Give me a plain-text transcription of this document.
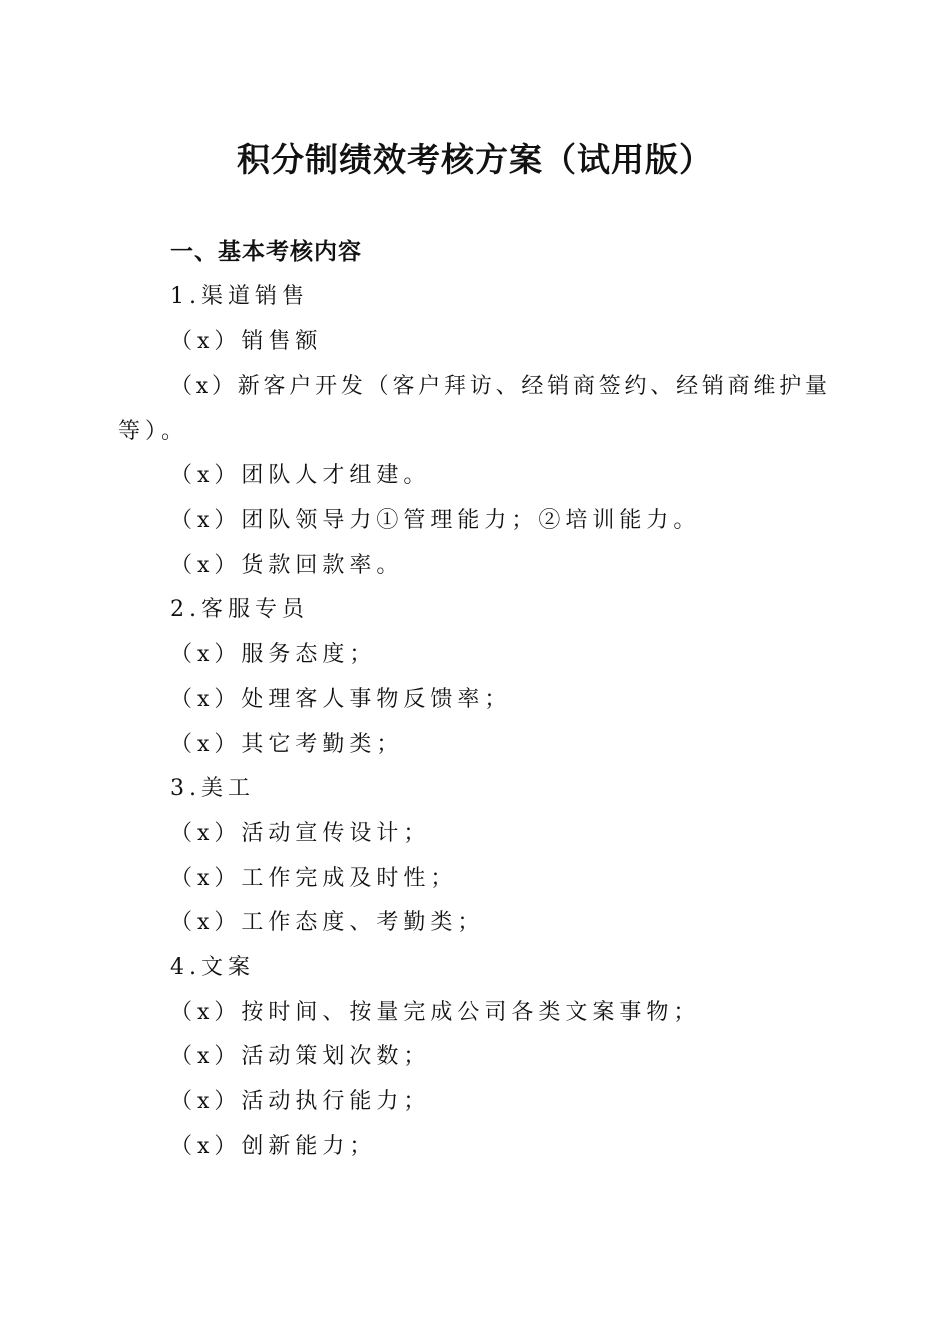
积分制绩效考核方案（试用版）
一、基本考核内容
1.渠道销售
（x）销售额
（x）新客户开发（客户拜访、经销商签约、经销商维护量
等）。
（x）团队人才组建。
（x）团队领导力①管理能力；②培训能力。
（x）货款回款率。
2.客服专员
（x）服务态度；
（x）处理客人事物反馈率；
（x）其它考勤类；
3.美工
（x）活动宣传设计；
（x）工作完成及时性；
（x）工作态度、考勤类；
4.文案
（x）按时间、按量完成公司各类文案事物；
（x）活动策划次数；
（x）活动执行能力；
（x）创新能力；
